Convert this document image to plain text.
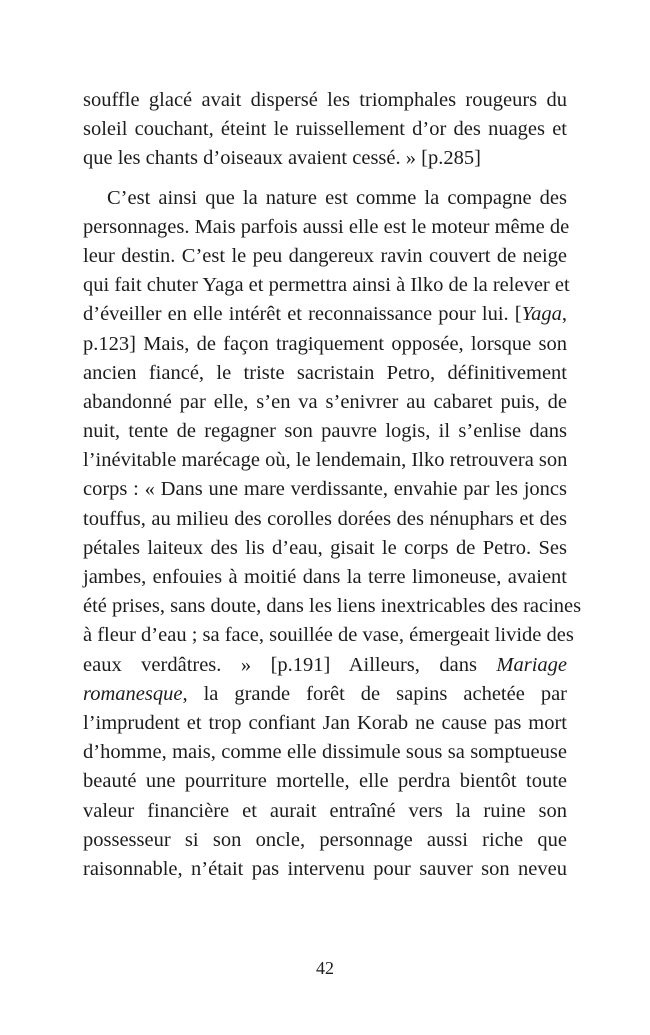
souffle glacé avait dispersé les triomphales rougeurs du
soleil couchant, éteint le ruissellement d’or des nuages et
que les chants d’oiseaux avaient cessé. » [p.285]

C’est ainsi que la nature est comme la compagne des
personnages. Mais parfois aussi elle est le moteur même de
leur destin. C’est le peu dangereux ravin couvert de neige
qui fait chuter Yaga et permettra ainsi à Ilko de la relever et
d’éveiller en elle intérêt et reconnaissance pour lui. [Yaga,
p.123] Mais, de façon tragiquement opposée, lorsque son
ancien fiancé, le triste sacristain Petro, définitivement
abandonné par elle, s’en va s’enivrer au cabaret puis, de
nuit, tente de regagner son pauvre logis, il s’enlise dans
l’inévitable marécage où, le lendemain, Ilko retrouvera son
corps : « Dans une mare verdissante, envahie par les joncs
touffus, au milieu des corolles dorées des nénuphars et des
pétales laiteux des lis d’eau, gisait le corps de Petro. Ses
jambes, enfouies à moitié dans la terre limoneuse, avaient
été prises, sans doute, dans les liens inextricables des racines
à fleur d’eau ; sa face, souillée de vase, émergeait livide des
eaux verdâtres. » [p.191] Ailleurs, dans Mariage
romanesque, la grande forêt de sapins achetée par
l’imprudent et trop confiant Jan Korab ne cause pas mort
d’homme, mais, comme elle dissimule sous sa somptueuse
beauté une pourriture mortelle, elle perdra bientôt toute
valeur financière et aurait entraîné vers la ruine son
possesseur si son oncle, personnage aussi riche que
raisonnable, n’était pas intervenu pour sauver son neveu

42
